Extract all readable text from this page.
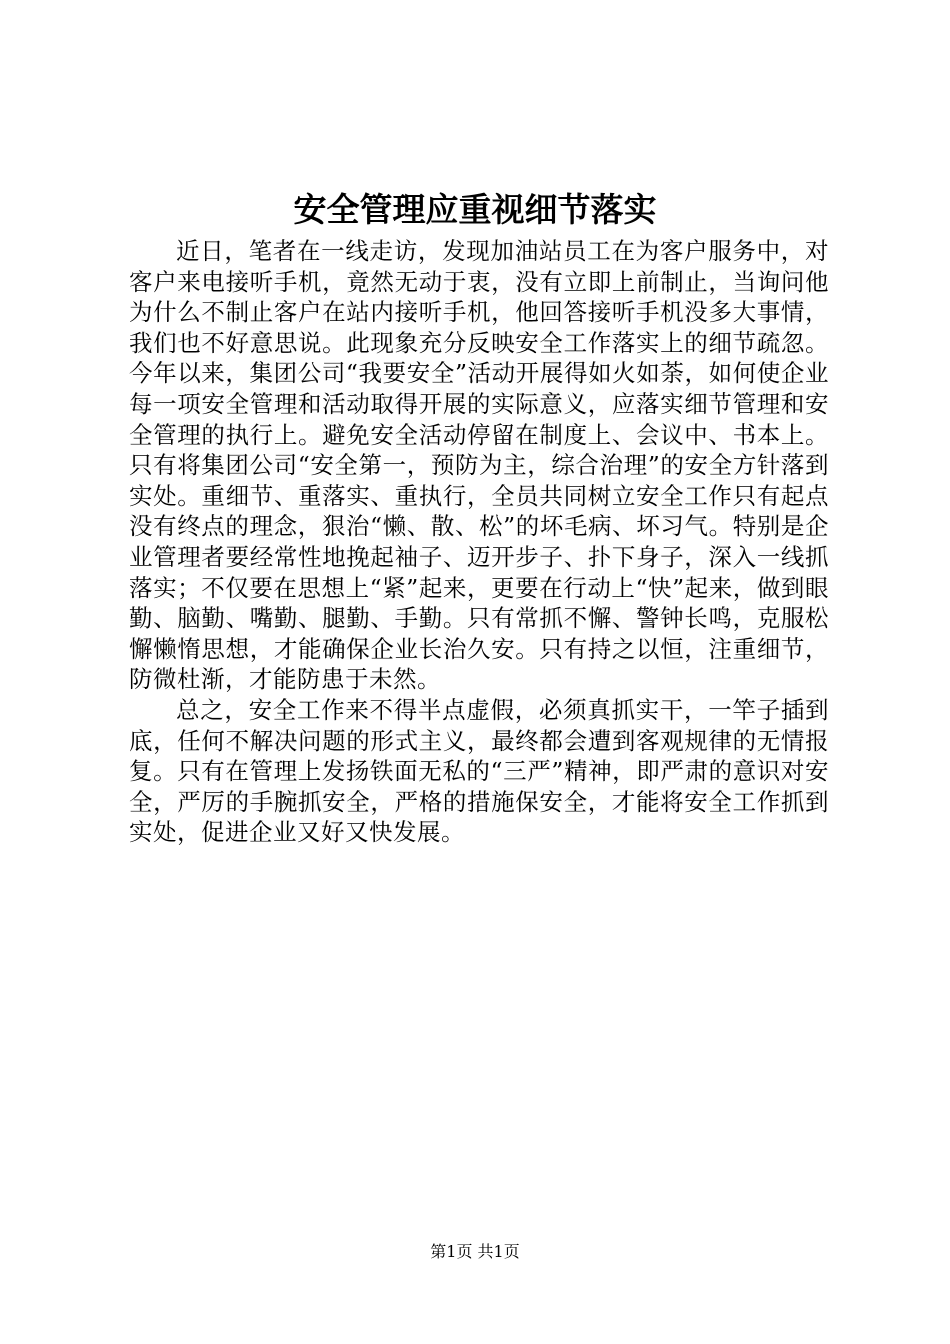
安全管理应重视细节落实

近日，笔者在一线走访，发现加油站员工在为客户服务中，对客户来电接听手机，竟然无动于衷，没有立即上前制止，当询问他为什么不制止客户在站内接听手机，他回答接听手机没多大事情，我们也不好意思说。此现象充分反映安全工作落实上的细节疏忽。今年以来，集团公司“我要安全”活动开展得如火如荼，如何使企业每一项安全管理和活动取得开展的实际意义，应落实细节管理和安全管理的执行上。避免安全活动停留在制度上、会议中、书本上。只有将集团公司“安全第一，预防为主，综合治理”的安全方针落到实处。重细节、重落实、重执行，全员共同树立安全工作只有起点没有终点的理念，狠治“懒、散、松”的坏毛病、坏习气。特别是企业管理者要经常性地挽起袖子、迈开步子、扑下身子，深入一线抓落实；不仅要在思想上“紧”起来，更要在行动上“快”起来，做到眼勤、脑勤、嘴勤、腿勤、手勤。只有常抓不懈、警钟长鸣，克服松懈懒惰思想，才能确保企业长治久安。只有持之以恒，注重细节，防微杜渐，才能防患于未然。

总之，安全工作来不得半点虚假，必须真抓实干，一竿子插到底，任何不解决问题的形式主义，最终都会遭到客观规律的无情报复。只有在管理上发扬铁面无私的“三严”精神，即严肃的意识对安全，严厉的手腕抓安全，严格的措施保安全，才能将安全工作抓到实处，促进企业又好又快发展。

第1页 共1页
